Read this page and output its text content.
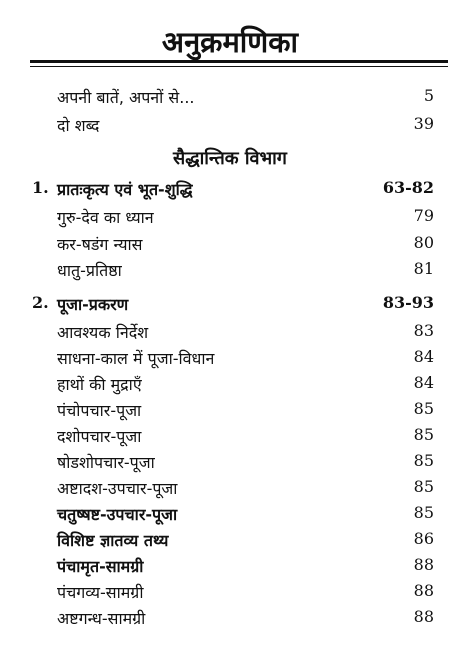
अनुक्रमणिका
अपनी बातें, अपनों से...	5
दो शब्द	39
सैद्धान्तिक विभाग
1. प्रातःकृत्य एवं भूत-शुद्धि	63-82
गुरु-देव का ध्यान	79
कर-षडंग न्यास	80
धातु-प्रतिष्ठा	81
2. पूजा-प्रकरण	83-93
आवश्यक निर्देश	83
साधना-काल में पूजा-विधान	84
हाथों की मुद्राएँ	84
पंचोपचार-पूजा	85
दशोपचार-पूजा	85
षोडशोपचार-पूजा	85
अष्टादश-उपचार-पूजा	85
चतुष्षष्ट-उपचार-पूजा	85
विशिष्ट ज्ञातव्य तथ्य	86
पंचामृत-सामग्री	88
पंचगव्य-सामग्री	88
अष्टगन्ध-सामग्री	88
